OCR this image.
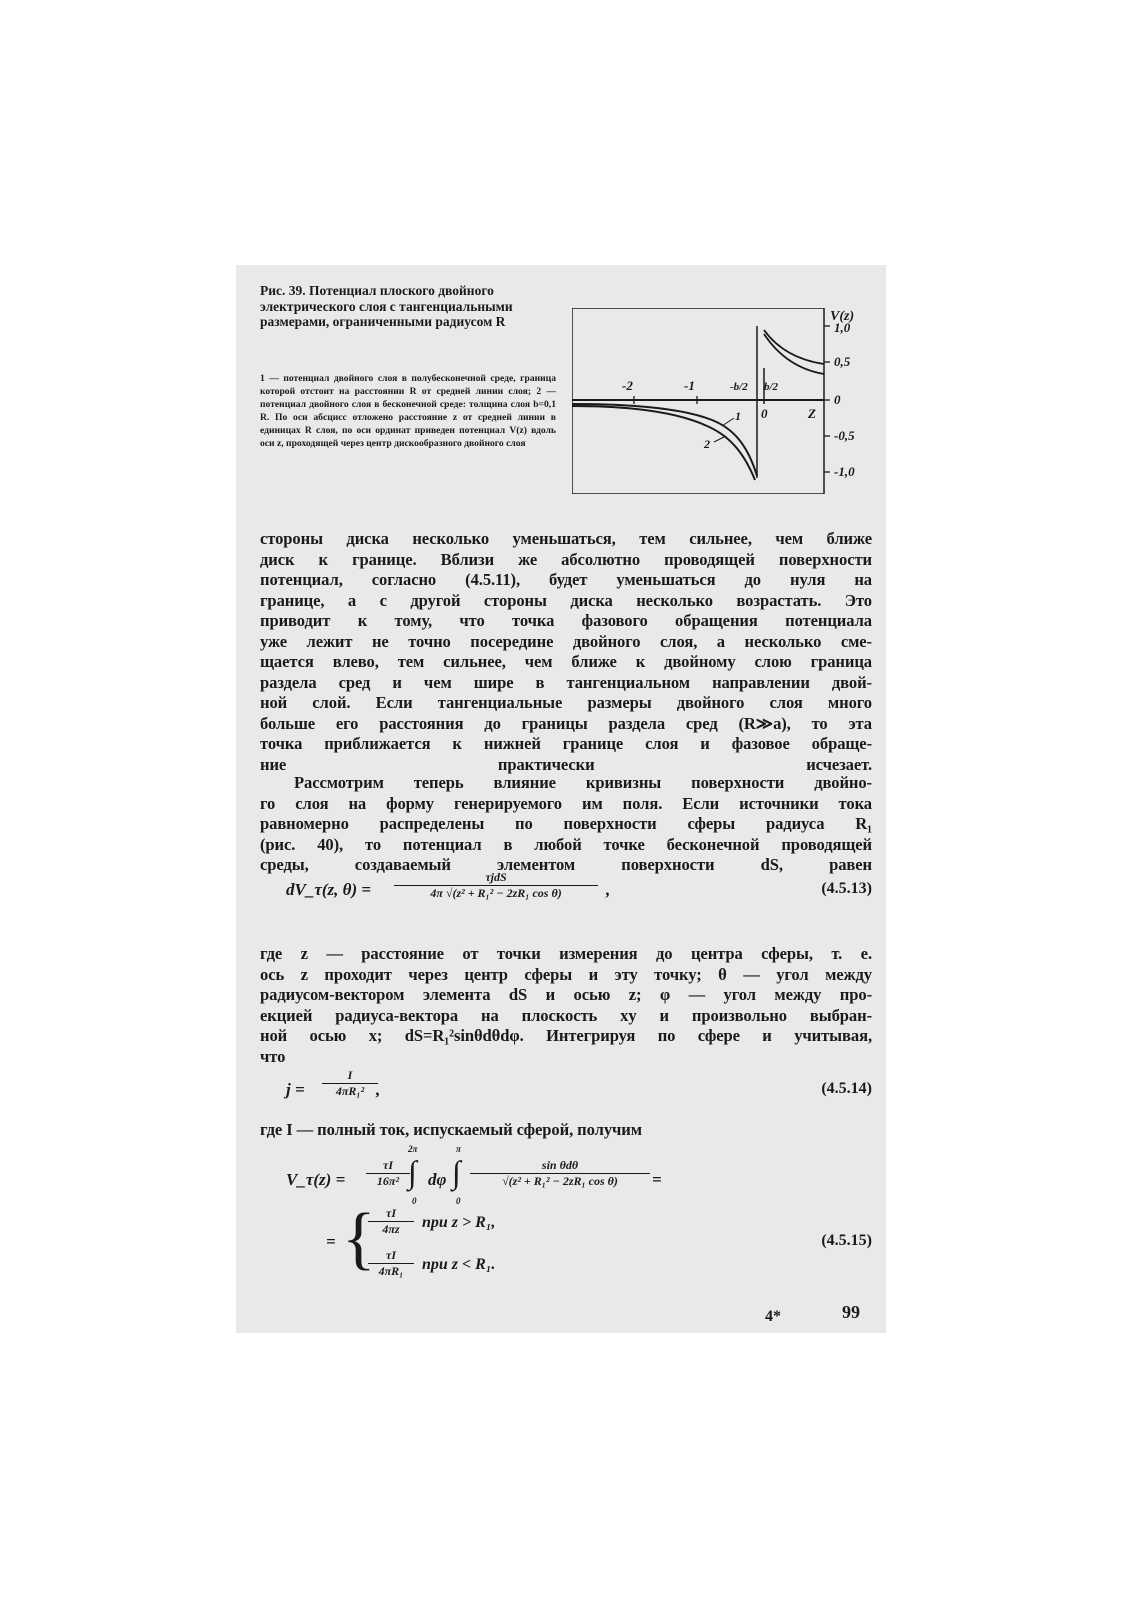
Рис. 39. Потенциал плоского двойного электрического слоя с тангенциальными размерами, ограниченными радиусом R
1 — потенциал двойного слоя в полубесконечной среде, граница которой отстоит на расстоянии R от средней линии слоя; 2 — потенциал двойного слоя в бесконечной среде: толщина слоя b=0,1 R. По оси абсцисс отложено расстояние z от средней линии в единицах R слоя, по оси ординат приведен потенциал V(z) вдоль оси z, проходящей через центр дискообразного двойного слоя
V(z)
1,0
0,5
0
-0,5
-1,0
-2	-1	-b/2 b/2
0	Z
1
2
стороны диска несколько уменьшаться, тем сильнее, чем ближе
диск к границе. Вблизи же абсолютно проводящей поверхности
потенциал, согласно (4.5.11), будет уменьшаться до нуля на
границе, а с другой стороны диска несколько возрастать. Это
приводит к тому, что точка фазового обращения потенциала
уже лежит не точно посередине двойного слоя, а несколько сме-
щается влево, тем сильнее, чем ближе к двойному слою граница
раздела сред и чем шире в тангенциальном направлении двой-
ной слой. Если тангенциальные размеры двойного слоя много
больше его расстояния до границы раздела сред (R≫a), то эта
точка приближается к нижней границе слоя и фазовое обраще-
ние практически исчезает.
Рассмотрим теперь влияние кривизны поверхности двойно-
го слоя на форму генерируемого им поля. Если источники тока
равномерно распределены по поверхности сферы радиуса R₁
(рис. 40), то потенциал в любой точке бесконечной проводящей
среды, создаваемый элементом поверхности dS, равен
dV_τ(z, θ) =
τjdS
4π √(z² + R₁² − 2zR₁ cos θ)	,	(4.5.13)
где z — расстояние от точки измерения до центра сферы, т. е.
ось z проходит через центр сферы и эту точку; θ — угол между
радиусом-вектором элемента dS и осью z; φ — угол между про-
екцией радиуса-вектора на плоскость xy и произвольно выбран-
ной осью x; dS=R₁²sinθdθdφ. Интегрируя по сфере и учитывая,
что
$j = \frac{I}{\text{4πR₁²}}$
,	(4.5.14)
где I — полный ток, испускаемый сферой, получим
V_τ(z) = $\frac{\tau I}{\text{16π²}}$
2π
∫
0
dφ
π
∫
0
sin θdθ
√(z² + R₁² − 2zR₁ cos θ)	=
= {
$\frac{\tau I}{4\pi z}$ при z > R₁,
$\frac{\tau I}{\text{4πR₁}}$ при z < R₁.
(4.5.15)
4*	99
